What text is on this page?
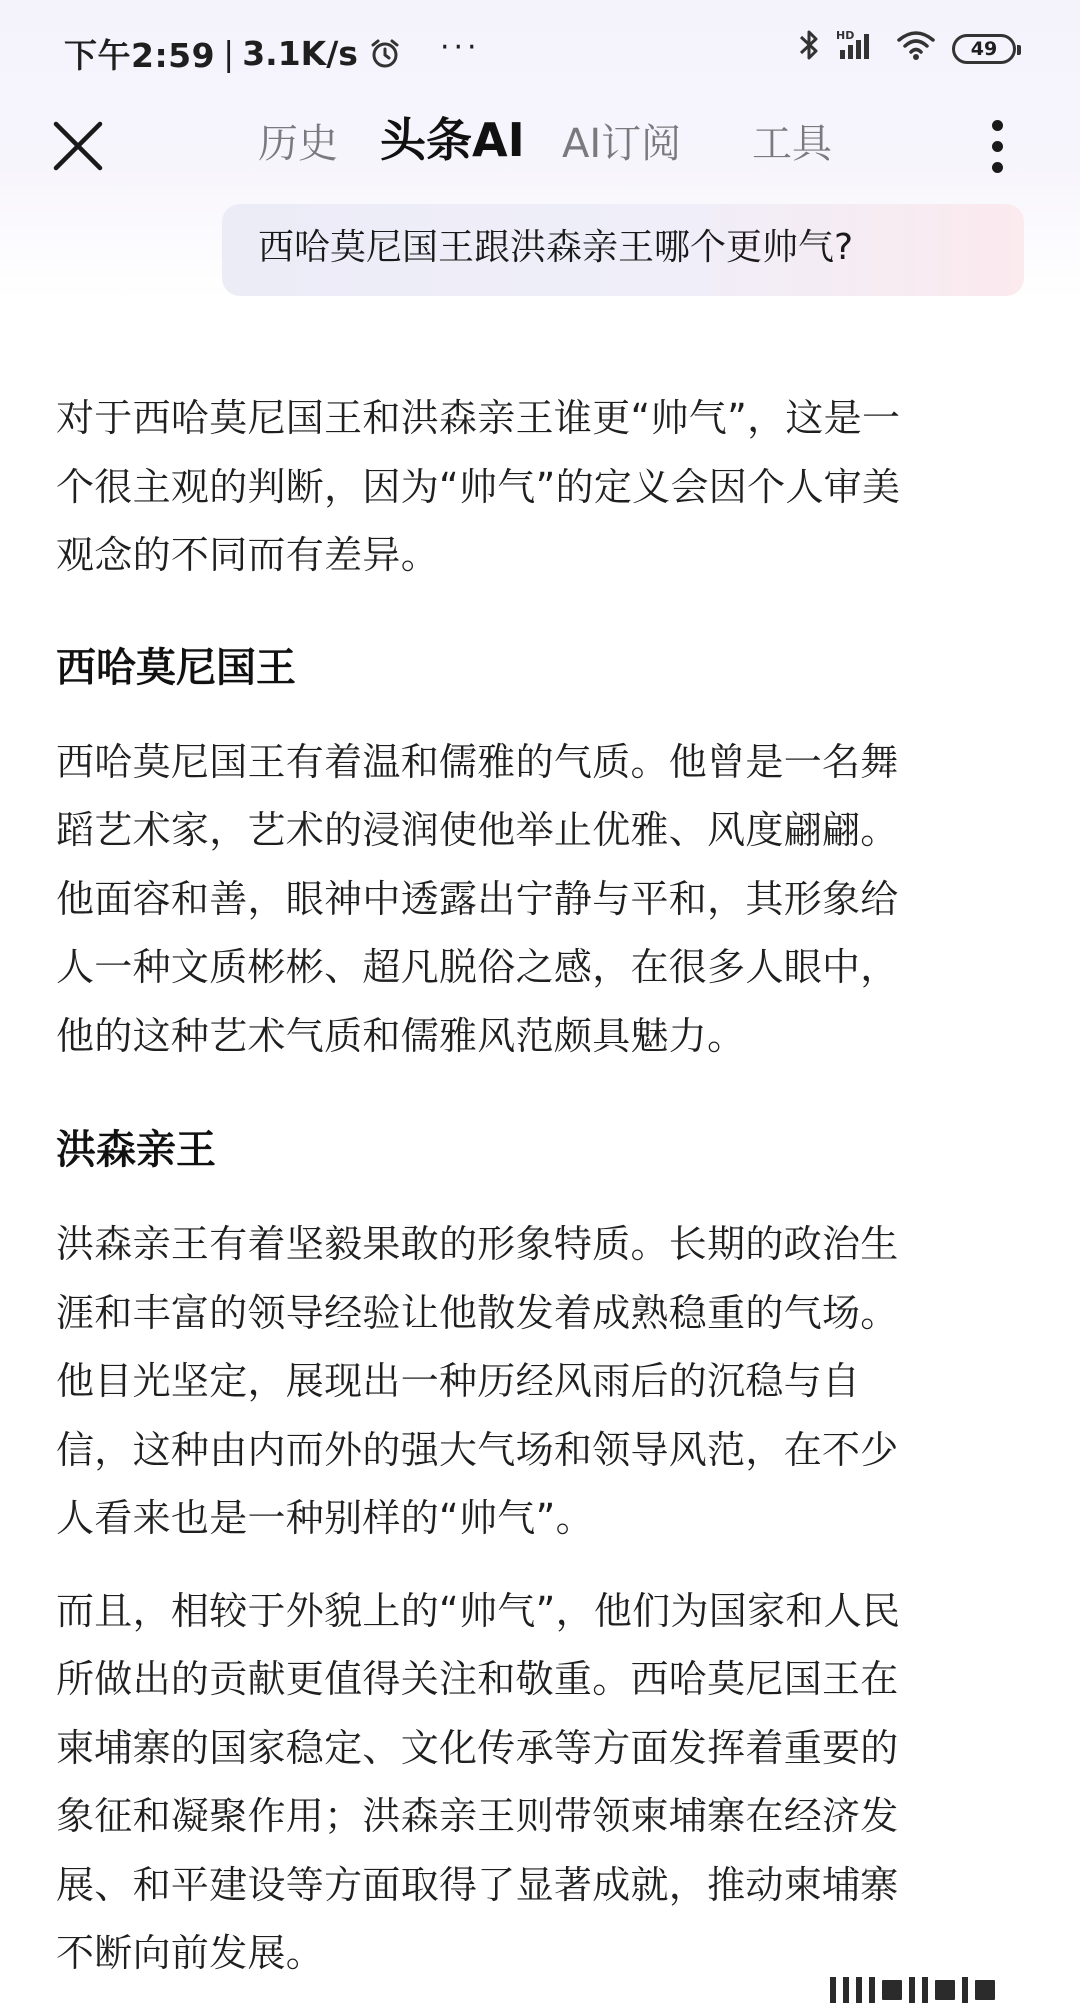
下午2:59 | 3.1K/s	···	HD
49
历史 头条AI AI订阅 工具
西哈莫尼国王跟洪森亲王哪个更帅气?

对于西哈莫尼国王和洪森亲王谁更“帅气”，这是一

个很主观的判断，因为“帅气”的定义会因个人审美

观念的不同而有差异。

西哈莫尼国王

西哈莫尼国王有着温和儒雅的气质。他曾是一名舞

蹈艺术家，艺术的浸润使他举止优雅、风度翩翩。

他面容和善，眼神中透露出宁静与平和，其形象给

人一种文质彬彬、超凡脱俗之感，在很多人眼中，

他的这种艺术气质和儒雅风范颇具魅力。

洪森亲王

洪森亲王有着坚毅果敢的形象特质。长期的政治生

涯和丰富的领导经验让他散发着成熟稳重的气场。

他目光坚定，展现出一种历经风雨后的沉稳与自

信，这种由内而外的强大气场和领导风范，在不少

人看来也是一种别样的“帅气”。

而且，相较于外貌上的“帅气”，他们为国家和人民

所做出的贡献更值得关注和敬重。西哈莫尼国王在

柬埔寨的国家稳定、文化传承等方面发挥着重要的

象征和凝聚作用；洪森亲王则带领柬埔寨在经济发

展、和平建设等方面取得了显著成就，推动柬埔寨

不断向前发展。
